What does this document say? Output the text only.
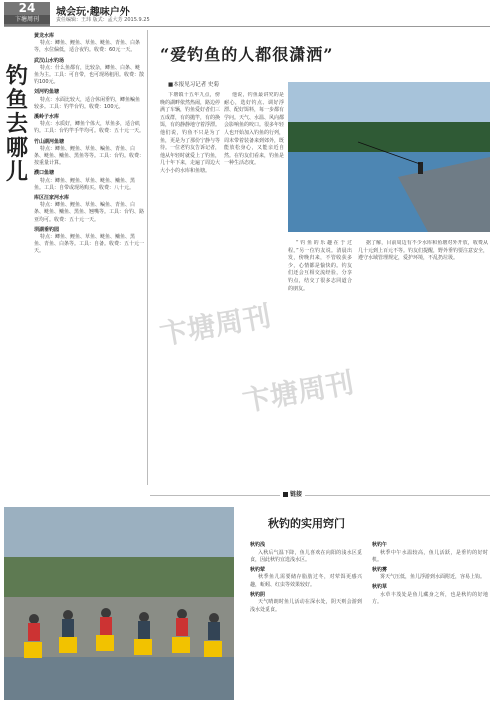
24
卞塘周刊
城会玩·趣味户外
责任编辑：王玮 版式：孟大芳 2015.9.25
钓
鱼
去
哪
儿
黄龙水库
特点：鲫鱼、鲤鱼、草鱼、鲢鱼、青鱼、白条等，水位偏低，适合夜钓。收费：60元一天。
武汉山水钓场
特点：什么鱼都有，比较杂，鲫鱼、白条、鲢鱼为主。工具：可自带，也可现场租用。收费：散钓100元。
刘河钓鱼塘
特点：水面比较大，适合休闲垂钓，鲫鱼鳊鱼较多。工具：钓竿台钓。收费：100元。
溪岭子水库
特点：水质好，鲫鱼个体大，草鱼多，适合矶钓。工具：台钓竿手竿均可。收费：五十元一天。
竹山湖河鱼塘
特点：鲫鱼、鲤鱼、草鱼、鳊鱼、青鱼、白条、鲢鱼、鳙鱼、黑鱼等等。工具：台钓。收费：按重量计算。
濮口鱼塘
特点：鲫鱼、鲤鱼、草鱼、鲢鱼、鳙鱼、黑鱼。工具：自带或现场购买。收费：八十元。
库区汪家河水库
特点：鲫鱼、鲤鱼、草鱼、鳊鱼、青鱼、白条、鲢鱼、鳙鱼、黑鱼、翘嘴等。工具：台钓、路亚均可。收费：五十元一天。
坝湖垂钓园
特点：鲫鱼、鲤鱼、草鱼、鲢鱼、鳙鱼、黑鱼、青鱼、白条等。工具：自备。收费：五十元一天。
“爱钓鱼的人都很潇洒”
■本报见习记者 史菊
卞塘镇十五年九点，傍晚的湖畔依然热闹，路边停满了车辆，钓鱼爱好者们三五成群，有的抛竿，有的换饵，有的静静地守着浮漂。他们说，钓鱼不只是为了鱼，更是为了那份宁静与等待。一位老钓友告诉记者，他从年轻时就爱上了钓鱼，几十年下来，走遍了周边大大小小的水库和鱼塘。
他说，钓鱼最讲究的是耐心，选好钓点、调好浮漂、配好饵料，每一步都有学问。天气、水温、风向都会影响鱼的咬口。很多年轻人也开始加入钓鱼的行列，周末带着装备来到郊外，既能放松身心，又能亲近自然。在钓友们看来，钓鱼是一种生活态度。
“钓鱼的乐趣在于过程。”另一位钓友说。清晨出发，傍晚归来，不管收获多少，心情都是愉快的。钓友们还会互相交流经验，分享钓点，结交了很多志同道合的朋友。
据了解，目前周边有不少水库和鱼塘对外开放，收费从几十元到上百元不等。钓友们提醒，野外垂钓要注意安全，遵守水域管理规定，爱护环境，不乱扔垃圾。
卞塘周刊
卞塘周刊
链接
秋钓的实用窍门
秋钓浅
入秋后气温下降，鱼儿喜欢在向阳的浅水区觅食，因此秋钓宜选浅水区。
秋钓荤
秋季鱼儿需要储存脂肪过冬，对荤饵更感兴趣，蚯蚓、红虫等效果较好。
秋钓阴
天气晴朗时鱼儿活动在深水处，阴天则会游到浅水处觅食。
秋钓午
秋季中午水温较高，鱼儿活跃，是垂钓的好时机。
秋钓雾
雾天气压低，鱼儿浮游到水面附近，容易上钩。
秋钓草
水草丰茂处是鱼儿藏身之所，也是秋钓的好地方。
